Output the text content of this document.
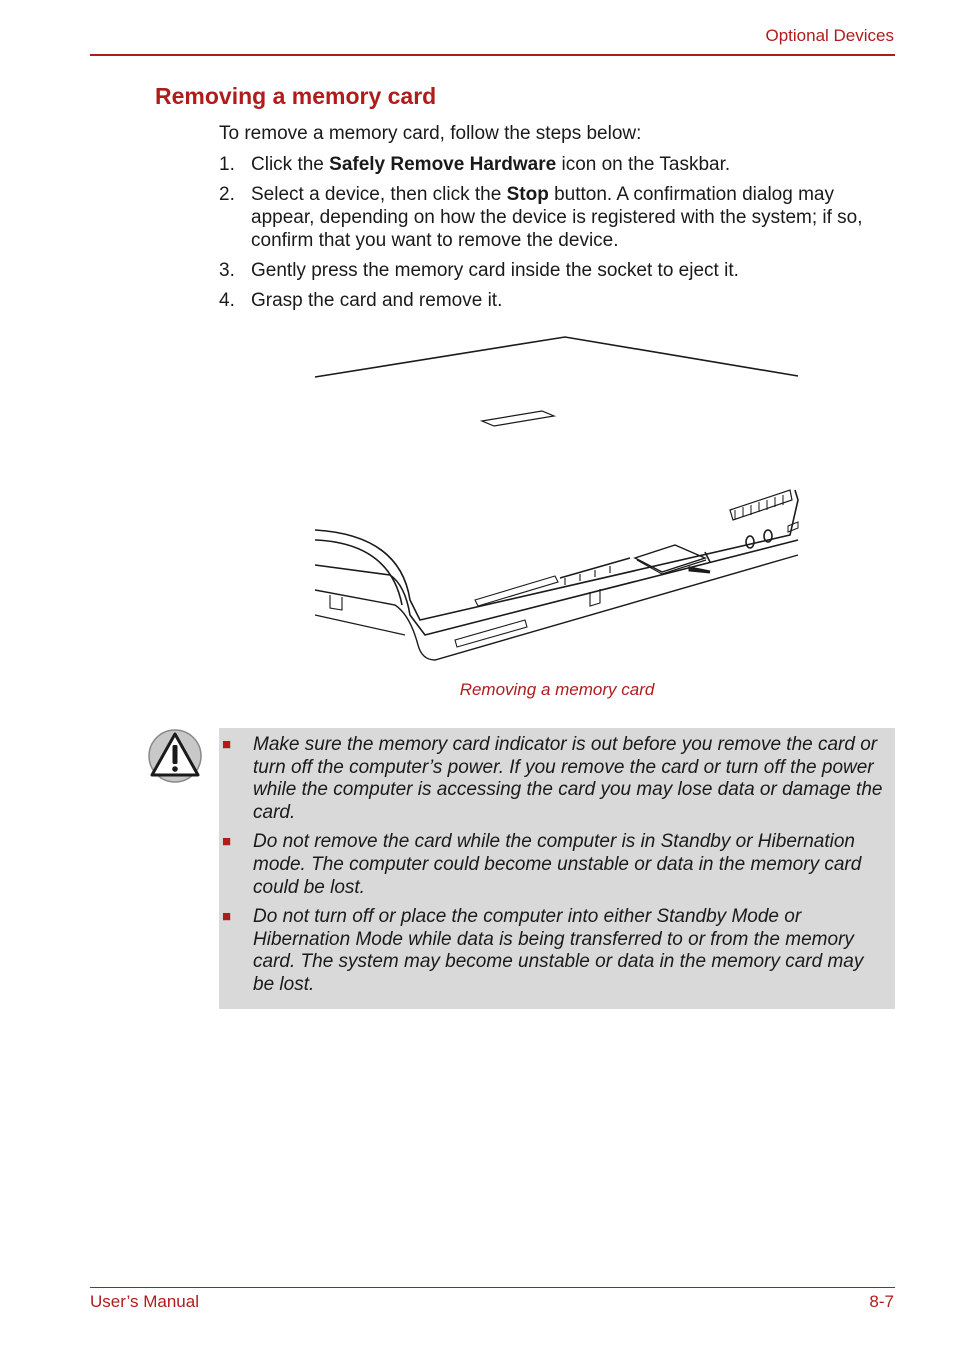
Optional Devices
Removing a memory card
To remove a memory card, follow the steps below:
1. Click the Safely Remove Hardware icon on the Taskbar.
2. Select a device, then click the Stop button. A confirmation dialog may appear, depending on how the device is registered with the system; if so, confirm that you want to remove the device.
3. Gently press the memory card inside the socket to eject it.
4. Grasp the card and remove it.
Removing a memory card
■	Make sure the memory card indicator is out before you remove the card or turn off the computer’s power. If you remove the card or turn off the power while the computer is accessing the card you may lose data or damage the card.
■	Do not remove the card while the computer is in Standby or Hibernation mode. The computer could become unstable or data in the memory card could be lost.
■	Do not turn off or place the computer into either Standby Mode or Hibernation Mode while data is being transferred to or from the memory card. The system may become unstable or data in the memory card may be lost.
User’s Manual	8-7
